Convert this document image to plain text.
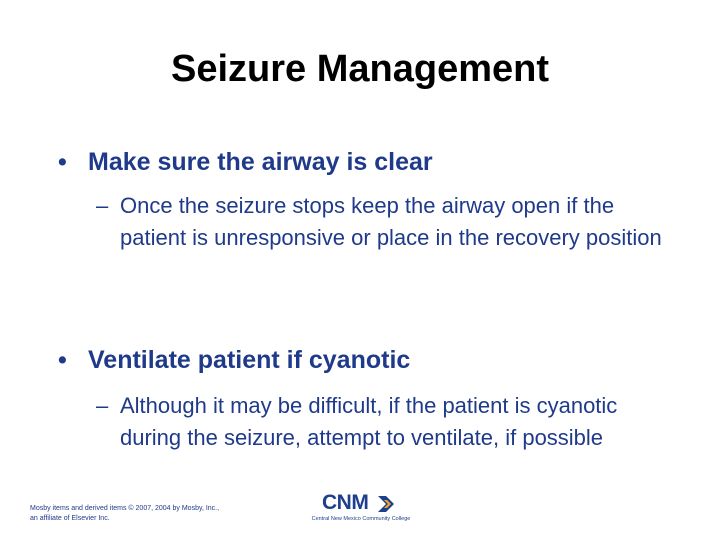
Seizure Management
• Make sure the airway is clear
– Once the seizure stops keep the airway open if the patient is unresponsive or place in the recovery position
• Ventilate patient if cyanotic
– Although it may be difficult, if the patient is cyanotic during the seizure, attempt to ventilate, if possible
Mosby items and derived items © 2007, 2004 by Mosby, Inc.,
an affiliate of Elsevier Inc.
CNM
Central New Mexico Community College
